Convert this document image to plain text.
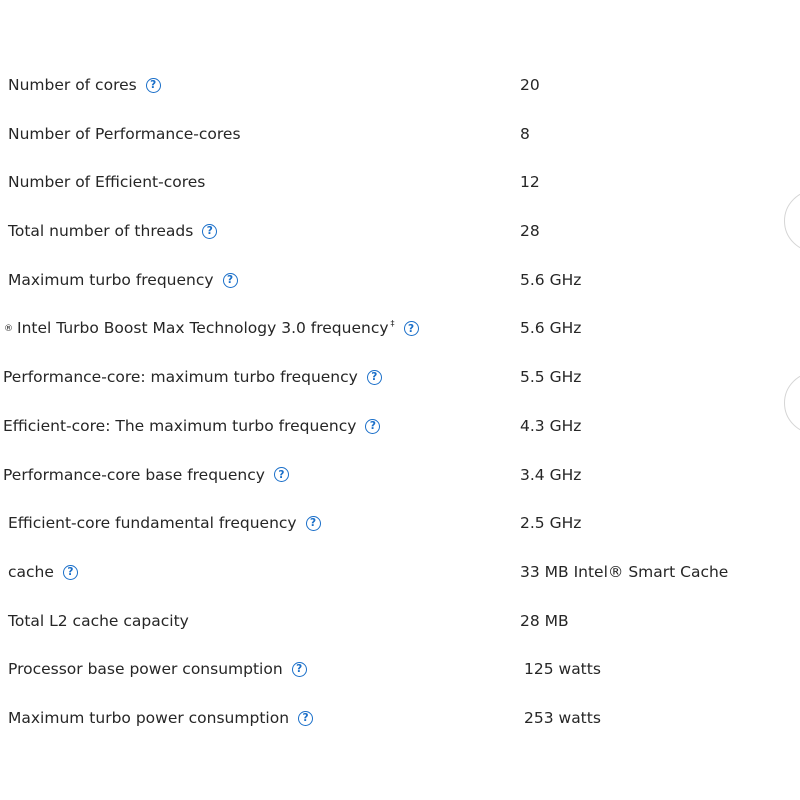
Number of cores	?	20
Number of Performance-cores	8
Number of Efficient-cores	12
Total number of threads	?	28
Maximum turbo frequency	?	5.6 GHz
® Intel Turbo Boost Max Technology 3.0 frequency ‡	?	5.6 GHz
Performance-core: maximum turbo frequency	?	5.5 GHz
Efficient-core: The maximum turbo frequency	?	4.3 GHz
Performance-core base frequency	?	3.4 GHz
Efficient-core fundamental frequency	?	2.5 GHz
cache	?	33 MB Intel® Smart Cache
Total L2 cache capacity	28 MB
Processor base power consumption	?	125 watts
Maximum turbo power consumption	?	253 watts
